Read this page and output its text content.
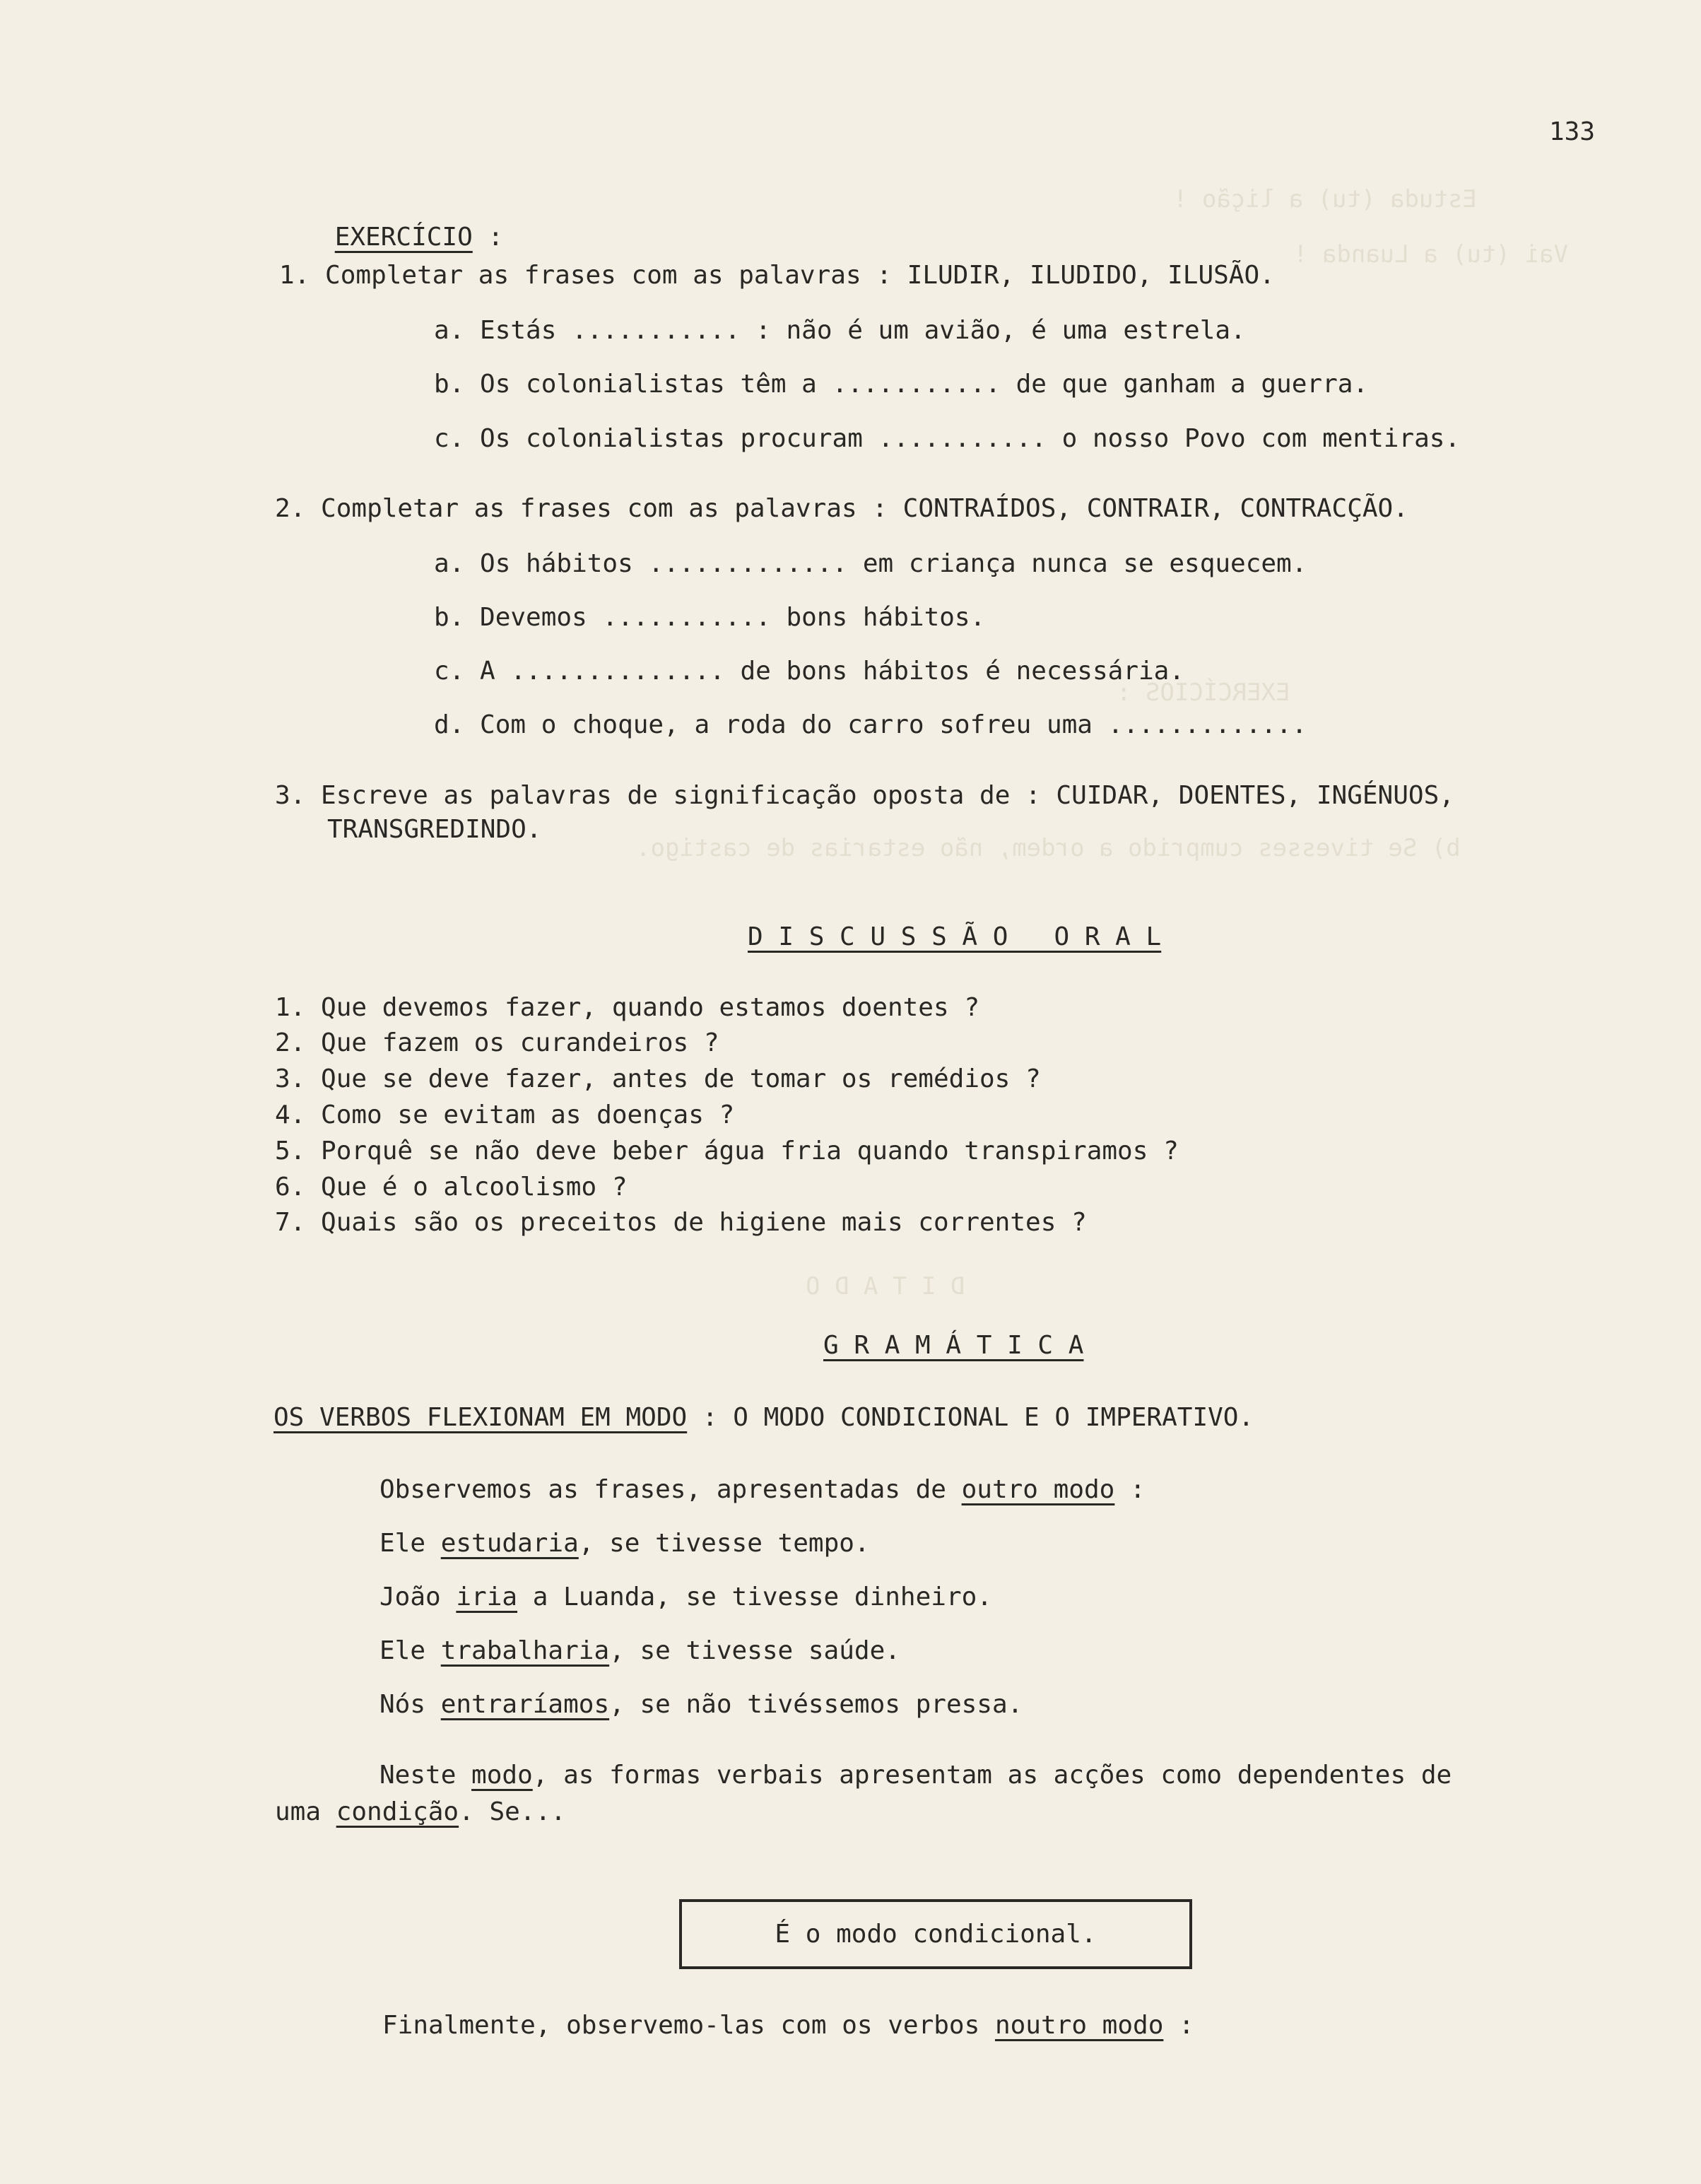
Estuda (tu) a lição !
Vai (tu) a Luanda !
EXERCÍCIOS :
b) Se tivesses cumprido a ordem, não estarias de castigo.
D I T A D O
133

EXERCÍCIO :

1. Completar as frases com as palavras : ILUDIR, ILUDIDO, ILUSÃO.
a. Estás ........... : não é um avião, é uma estrela.
b. Os colonialistas têm a ........... de que ganham a guerra.
c. Os colonialistas procuram ........... o nosso Povo com mentiras.
2. Completar as frases com as palavras : CONTRAÍDOS, CONTRAIR, CONTRACÇÃO.
a. Os hábitos ............. em criança nunca se esquecem.
b. Devemos ........... bons hábitos.
c. A .............. de bons hábitos é necessária.
d. Com o choque, a roda do carro sofreu uma .............
3. Escreve as palavras de significação oposta de : CUIDAR, DOENTES, INGÉNUOS,
TRANSGREDINDO.
D I S C U S S Ã O   O R A L
1. Que devemos fazer, quando estamos doentes ?
2. Que fazem os curandeiros ?
3. Que se deve fazer, antes de tomar os remédios ?
4. Como se evitam as doenças ?
5. Porquê se não deve beber água fria quando transpiramos ?
6. Que é o alcoolismo ?
7. Quais são os preceitos de higiene mais correntes ?
G R A M Á T I C A
OS VERBOS FLEXIONAM EM MODO : O MODO CONDICIONAL E O IMPERATIVO.
Observemos as frases, apresentadas de outro modo :
Ele estudaria, se tivesse tempo.
João iria a Luanda, se tivesse dinheiro.
Ele trabalharia, se tivesse saúde.
Nós entraríamos, se não tivéssemos pressa.
Neste modo, as formas verbais apresentam as acções como dependentes de
uma condição. Se...
É o modo condicional.
Finalmente, observemo-las com os verbos noutro modo :
